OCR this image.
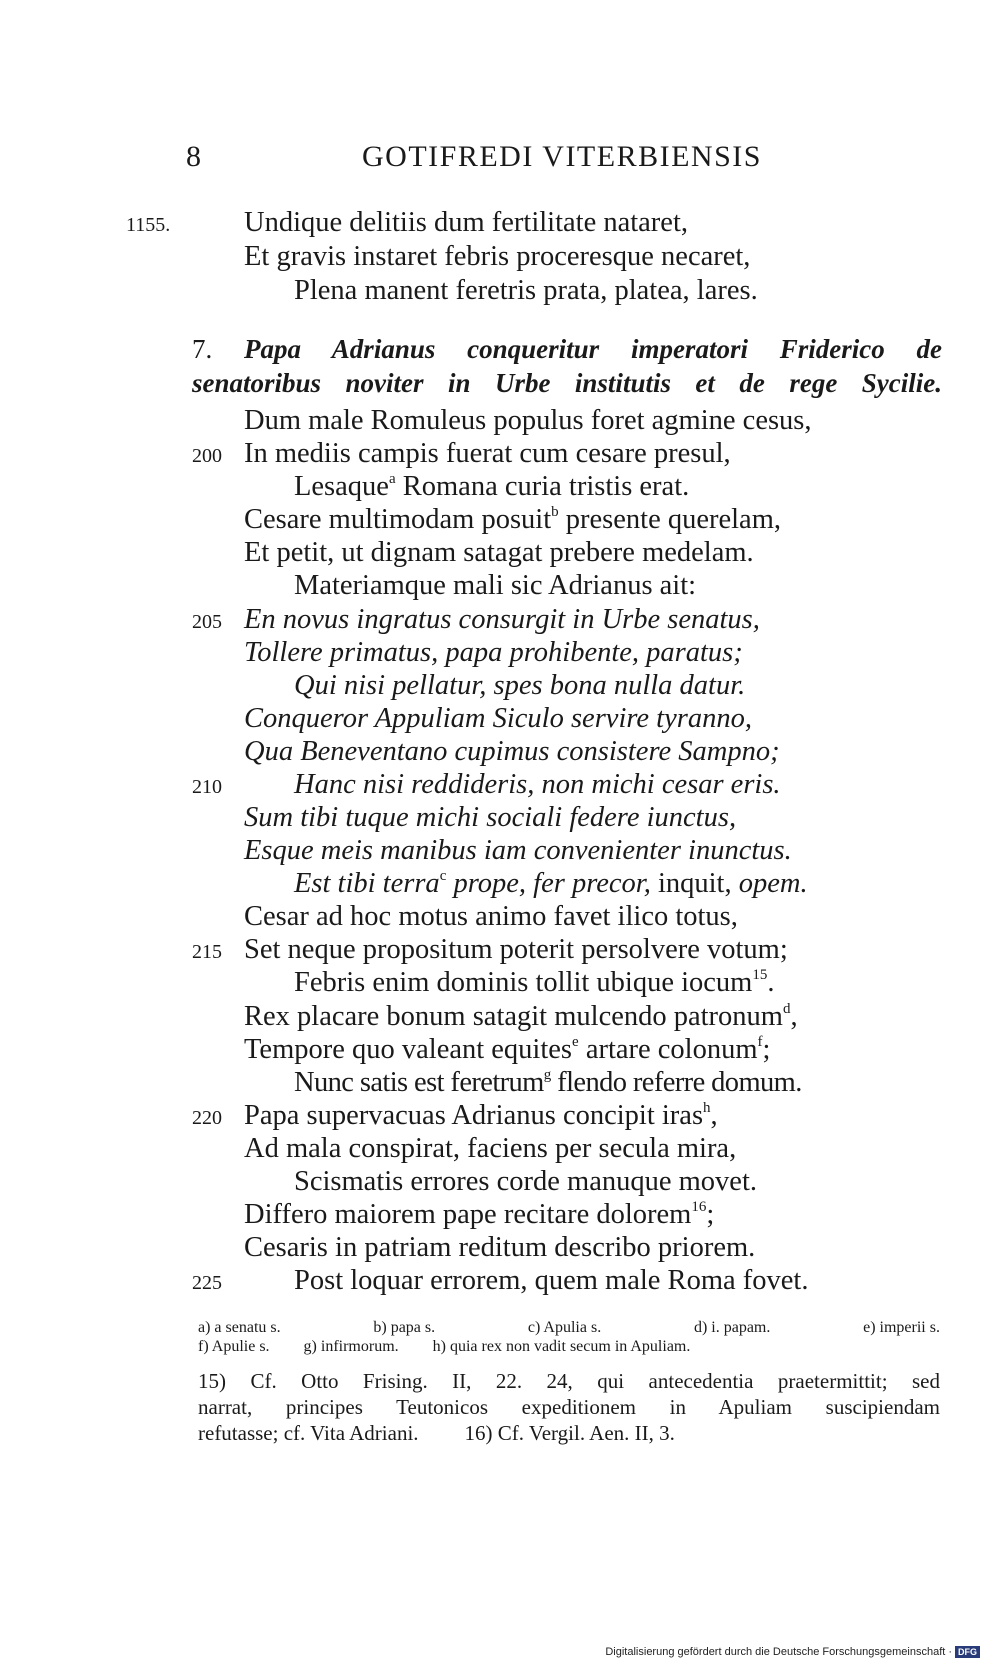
8	GOTIFREDI VITERBIENSIS
1155.	Undique delitiis dum fertilitate nataret,
Et gravis instaret febris proceresque necaret,
Plena manent feretris prata, platea, lares.
7. Papa Adrianus conqueritur imperatori Friderico de
senatoribus noviter in Urbe institutis et de rege Sycilie.
Dum male Romuleus populus foret agmine cesus,
200 In mediis campis fuerat cum cesare presul,
Lesaque$^a$ Romana curia tristis erat.
Cesare multimodam posuit$^b$ presente querelam,
Et petit, ut dignam satagat prebere medelam.
Materiamque mali sic Adrianus ait:
205 En novus ingratus consurgit in Urbe senatus,
Tollere primatus, papa prohibente, paratus;
Qui nisi pellatur, spes bona nulla datur.
Conqueror Appuliam Siculo servire tyranno,
Qua Beneventano cupimus consistere Sampno;
210	Hanc nisi reddideris, non michi cesar eris.
Sum tibi tuque michi sociali federe iunctus,
Esque meis manibus iam convenienter inunctus.
Est tibi terra$^c$ prope, fer precor, inquit, opem.
Cesar ad hoc motus animo favet ilico totus,
215 Set neque propositum poterit persolvere votum;
Febris enim dominis tollit ubique iocum$^{15}$.
Rex placare bonum satagit mulcendo patronum$^d$,
Tempore quo valeant equites$^e$ artare colonum$^f$;
Nunc satis est feretrum$^g$ flendo referre domum.
220 Papa supervacuas Adrianus concipit iras$^h$,
Ad mala conspirat, faciens per secula mira,
Scismatis errores corde manuque movet.
Differo maiorem pape recitare dolorem$^{16}$;
Cesaris in patriam reditum describo priorem.
225	Post loquar errorem, quem male Roma fovet.
a) a senatu s.	b) papa s.	c) Apulia s.	d) i. papam.	e) imperii s.
f) Apulie s. g) infirmorum. h) quia rex non vadit secum in Apuliam.
15) Cf. Otto Frising. II, 22. 24, qui antecedentia praetermittit; sed
narrat, principes Teutonicos expeditionem in Apuliam suscipiendam
refutasse; cf. Vita Adriani. 16) Cf. Vergil. Aen. II, 3.
Digitalisierung gefördert durch die Deutsche Forschungsgemeinschaft · DFG
